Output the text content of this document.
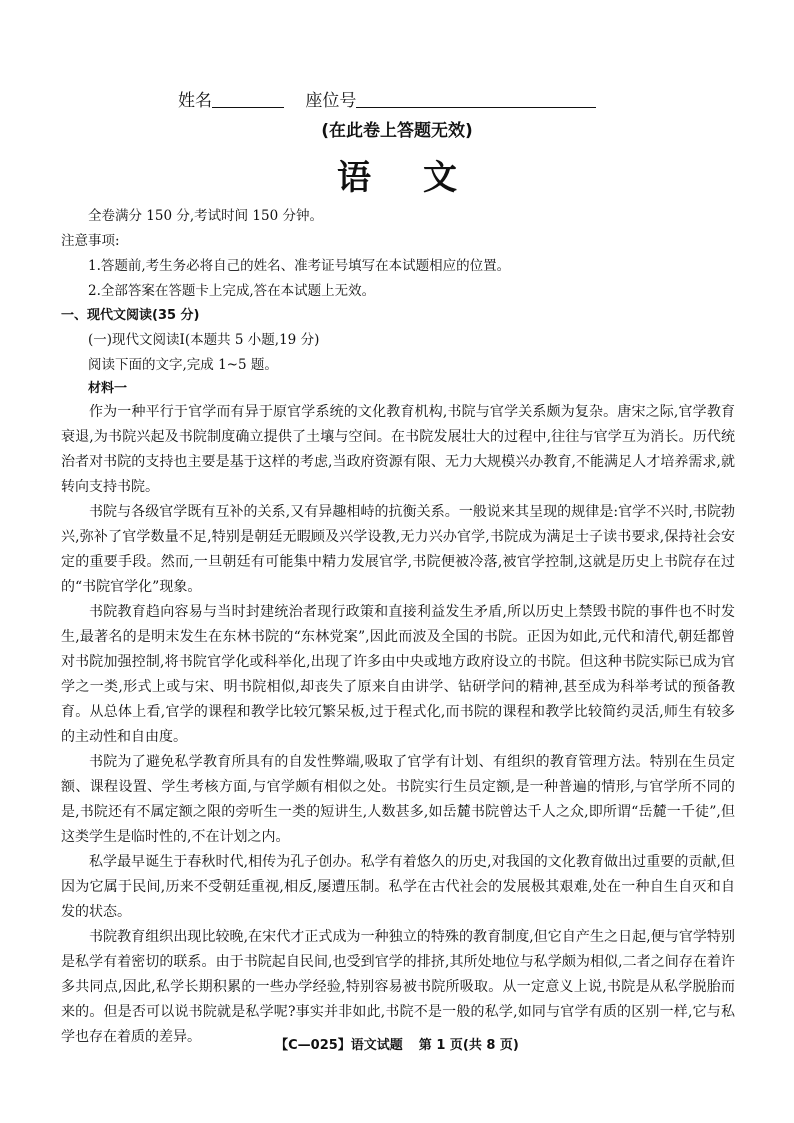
姓名	座位号
(在此卷上答题无效)
语文
全卷满分 150 分,考试时间 150 分钟。
注意事项:
1.答题前,考生务必将自己的姓名、准考证号填写在本试题相应的位置。
2.全部答案在答题卡上完成,答在本试题上无效。
一、现代文阅读(35 分)
(一)现代文阅读Ⅰ(本题共 5 小题,19 分)
阅读下面的文字,完成 1~5 题。
材料一

作为一种平行于官学而有异于原官学系统的文化教育机构,书院与官学关系颇为复杂。唐宋之际,官学教育衰退,为书院兴起及书院制度确立提供了土壤与空间。在书院发展壮大的过程中,往往与官学互为消长。历代统治者对书院的支持也主要是基于这样的考虑,当政府资源有限、无力大规模兴办教育,不能满足人才培养需求,就转向支持书院。

书院与各级官学既有互补的关系,又有异趣相峙的抗衡关系。一般说来其呈现的规律是:官学不兴时,书院勃兴,弥补了官学数量不足,特别是朝廷无暇顾及兴学设教,无力兴办官学,书院成为满足士子读书要求,保持社会安定的重要手段。然而,一旦朝廷有可能集中精力发展官学,书院便被冷落,被官学控制,这就是历史上书院存在过的“书院官学化”现象。

书院教育趋向容易与当时封建统治者现行政策和直接利益发生矛盾,所以历史上禁毁书院的事件也不时发生,最著名的是明末发生在东林书院的“东林党案”,因此而波及全国的书院。正因为如此,元代和清代,朝廷都曾对书院加强控制,将书院官学化或科举化,出现了许多由中央或地方政府设立的书院。但这种书院实际已成为官学之一类,形式上或与宋、明书院相似,却丧失了原来自由讲学、钻研学问的精神,甚至成为科举考试的预备教育。从总体上看,官学的课程和教学比较冗繁呆板,过于程式化,而书院的课程和教学比较简约灵活,师生有较多的主动性和自由度。

书院为了避免私学教育所具有的自发性弊端,吸取了官学有计划、有组织的教育管理方法。特别在生员定额、课程设置、学生考核方面,与官学颇有相似之处。书院实行生员定额,是一种普遍的情形,与官学所不同的是,书院还有不属定额之限的旁听生一类的短讲生,人数甚多,如岳麓书院曾达千人之众,即所谓“岳麓一千徒”,但这类学生是临时性的,不在计划之内。

私学最早诞生于春秋时代,相传为孔子创办。私学有着悠久的历史,对我国的文化教育做出过重要的贡献,但因为它属于民间,历来不受朝廷重视,相反,屡遭压制。私学在古代社会的发展极其艰难,处在一种自生自灭和自发的状态。

书院教育组织出现比较晚,在宋代才正式成为一种独立的特殊的教育制度,但它自产生之日起,便与官学特别是私学有着密切的联系。由于书院起自民间,也受到官学的排挤,其所处地位与私学颇为相似,二者之间存在着许多共同点,因此,私学长期积累的一些办学经验,特别容易被书院所吸取。从一定意义上说,书院是从私学脱胎而来的。但是否可以说书院就是私学呢?事实并非如此,书院不是一般的私学,如同与官学有质的区别一样,它与私学也存在着质的差异。

【C—025】语文试题 第 1 页(共 8 页)
